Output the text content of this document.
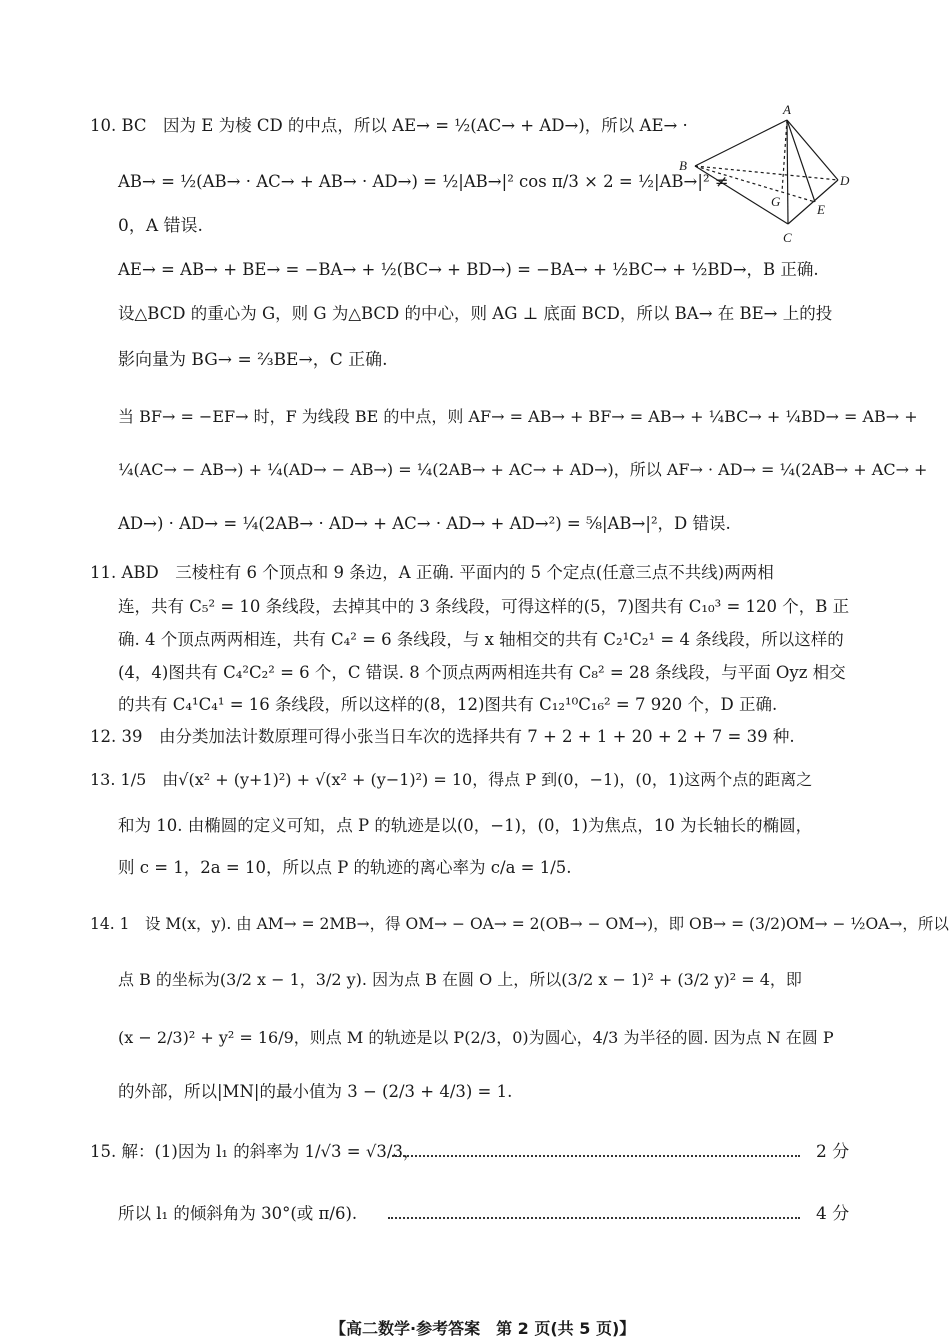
A
B
C
D
E
G
10. BC　因为 E 为棱 CD 的中点，所以 AE→ = ½(AC→ + AD→)，所以 AE→ ·
AB→ = ½(AB→ · AC→ + AB→ · AD→) = ½|AB→|² cos π/3 × 2 = ½|AB→|² ≠
0，A 错误.
AE→ = AB→ + BE→ = −BA→ + ½(BC→ + BD→) = −BA→ + ½BC→ + ½BD→，B 正确.
设△BCD 的重心为 G，则 G 为△BCD 的中心，则 AG ⊥ 底面 BCD，所以 BA→ 在 BE→ 上的投
影向量为 BG→ = ⅔BE→，C 正确.
当 BF→ = −EF→ 时，F 为线段 BE 的中点，则 AF→ = AB→ + BF→ = AB→ + ¼BC→ + ¼BD→ = AB→ +
¼(AC→ − AB→) + ¼(AD→ − AB→) = ¼(2AB→ + AC→ + AD→)，所以 AF→ · AD→ = ¼(2AB→ + AC→ +
AD→) · AD→ = ¼(2AB→ · AD→ + AC→ · AD→ + AD→²) = ⅝|AB→|²，D 错误.
11. ABD　三棱柱有 6 个顶点和 9 条边，A 正确. 平面内的 5 个定点(任意三点不共线)两两相
连，共有 C₅² = 10 条线段，去掉其中的 3 条线段，可得这样的(5，7)图共有 C₁₀³ = 120 个，B 正
确. 4 个顶点两两相连，共有 C₄² = 6 条线段，与 x 轴相交的共有 C₂¹C₂¹ = 4 条线段，所以这样的
(4，4)图共有 C₄²C₂² = 6 个，C 错误. 8 个顶点两两相连共有 C₈² = 28 条线段，与平面 Oyz 相交
的共有 C₄¹C₄¹ = 16 条线段，所以这样的(8，12)图共有 C₁₂¹⁰C₁₆² = 7 920 个，D 正确.
12. 39　由分类加法计数原理可得小张当日车次的选择共有 7 + 2 + 1 + 20 + 2 + 7 = 39 种.
13. 1/5　由√(x² + (y+1)²) + √(x² + (y−1)²) = 10，得点 P 到(0，−1)，(0，1)这两个点的距离之
和为 10. 由椭圆的定义可知，点 P 的轨迹是以(0，−1)，(0，1)为焦点，10 为长轴长的椭圆，
则 c = 1，2a = 10，所以点 P 的轨迹的离心率为 c/a = 1/5.
14. 1　设 M(x，y). 由 AM→ = 2MB→，得 OM→ − OA→ = 2(OB→ − OM→)，即 OB→ = (3/2)OM→ − ½OA→，所以
点 B 的坐标为(3/2 x − 1，3/2 y). 因为点 B 在圆 O 上，所以(3/2 x − 1)² + (3/2 y)² = 4，即
(x − 2/3)² + y² = 16/9，则点 M 的轨迹是以 P(2/3，0)为圆心，4/3 为半径的圆. 因为点 N 在圆 P
的外部，所以|MN|的最小值为 3 − (2/3 + 4/3) = 1.
15. 解：(1)因为 l₁ 的斜率为 1/√3 = √3/3，	2 分
所以 l₁ 的倾斜角为 30°(或 π/6).	4 分
【高二数学·参考答案　第 2 页(共 5 页)】
